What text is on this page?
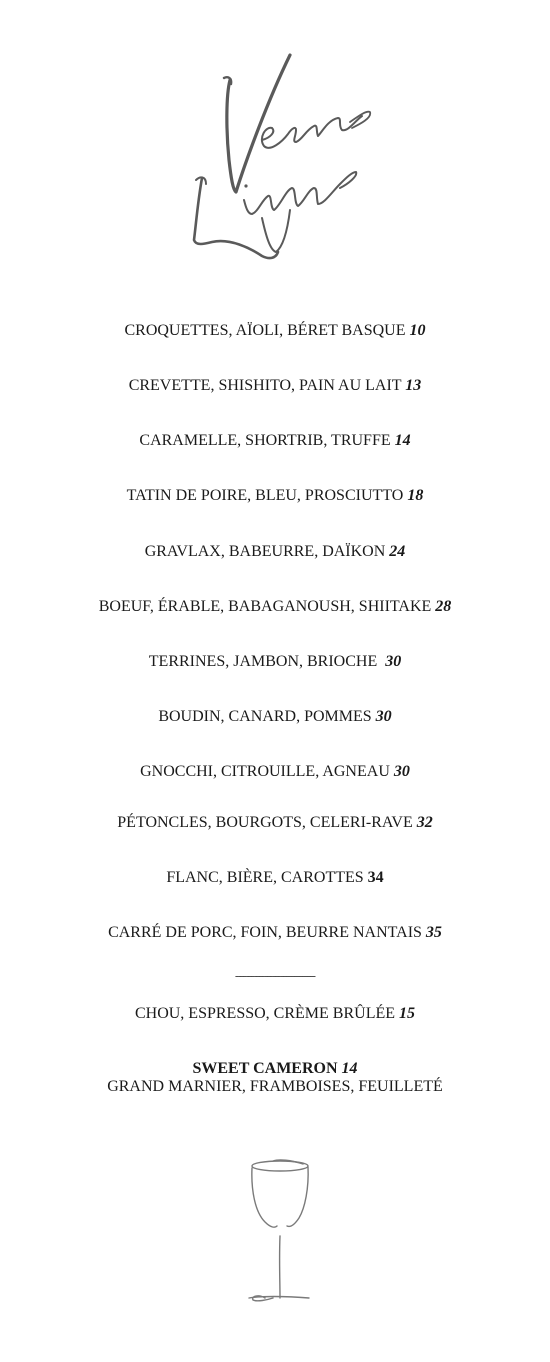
CROQUETTES, AÏOLI, BÉRET BASQUE 10
CREVETTE, SHISHITO, PAIN AU LAIT 13
CARAMELLE, SHORTRIB, TRUFFE 14
TATIN DE POIRE, BLEU, PROSCIUTTO 18
GRAVLAX, BABEURRE, DAÏKON 24
BOEUF, ÉRABLE, BABAGANOUSH, SHIITAKE 28
TERRINES, JAMBON, BRIOCHE  30
BOUDIN, CANARD, POMMES 30
GNOCCHI, CITROUILLE, AGNEAU 30
PÉTONCLES, BOURGOTS, CELERI-RAVE 32
FLANC, BIÈRE, CAROTTES 34
CARRÉ DE PORC, FOIN, BEURRE NANTAIS 35
------------------------------
CHOU, ESPRESSO, CRÈME BRÛLÉE 15
SWEET CAMERON 14
GRAND MARNIER, FRAMBOISES, FEUILLETÉ
